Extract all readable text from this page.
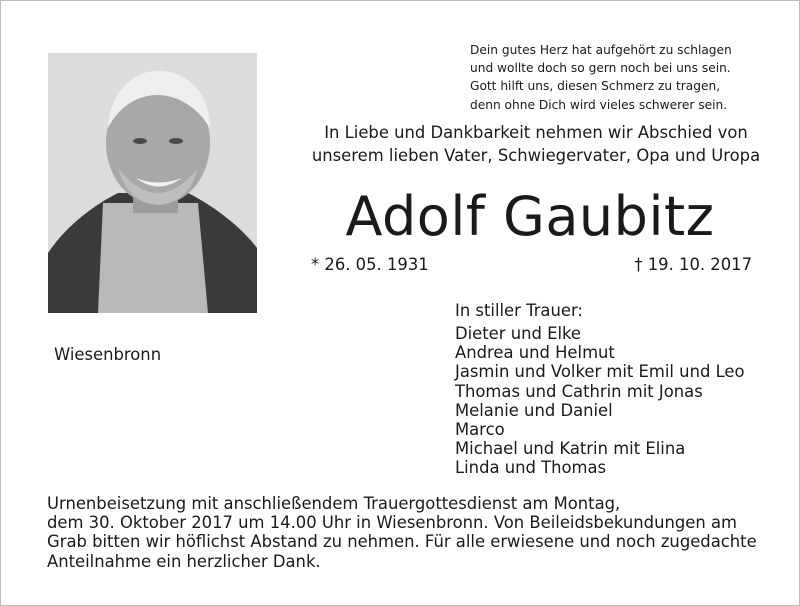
Dein gutes Herz hat aufgehört zu schlagen
und wollte doch so gern noch bei uns sein.
Gott hilft uns, diesen Schmerz zu tragen,
denn ohne Dich wird vieles schwerer sein.
In Liebe und Dankbarkeit nehmen wir Abschied von
unserem lieben Vater, Schwiegervater, Opa und Uropa
Adolf Gaubitz
* 26. 05. 1931	† 19. 10. 2017
Wiesenbronn
In stiller Trauer:
Dieter und Elke
Andrea und Helmut
Jasmin und Volker mit Emil und Leo
Thomas und Cathrin mit Jonas
Melanie und Daniel
Marco
Michael und Katrin mit Elina
Linda und Thomas
Urnenbeisetzung mit anschließendem Trauergottesdienst am Montag,
dem 30. Oktober 2017 um 14.00 Uhr in Wiesenbronn. Von Beileidsbekundungen am
Grab bitten wir höflichst Abstand zu nehmen. Für alle erwiesene und noch zugedachte
Anteilnahme ein herzlicher Dank.
